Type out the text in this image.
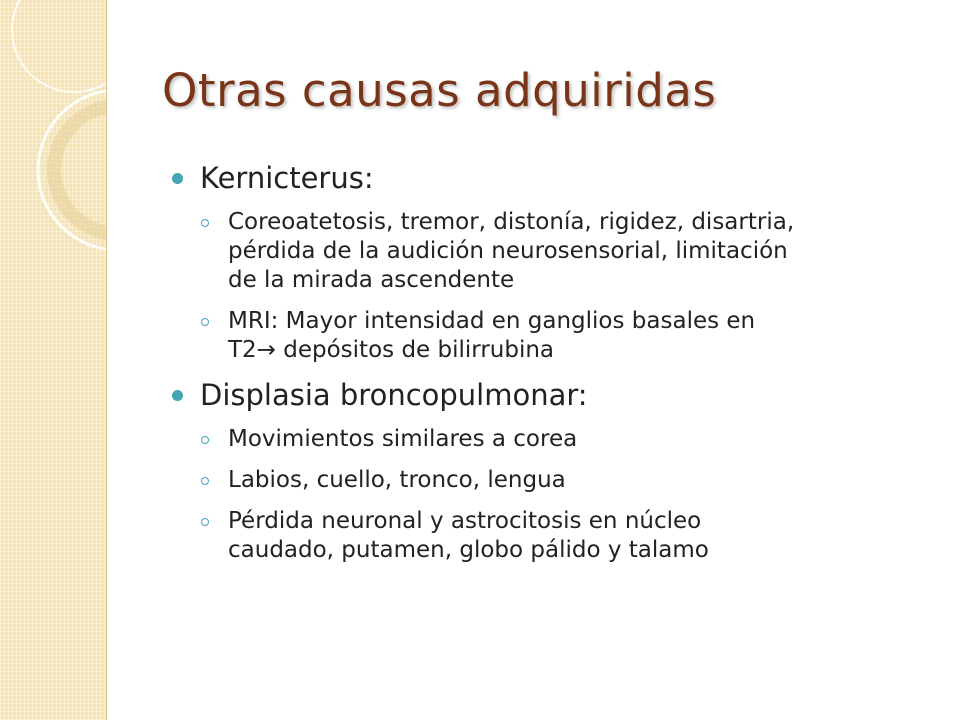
Otras causas adquiridas
Kernicterus:
Coreoatetosis, tremor, distonía, rigidez, disartria,
pérdida de la audición neurosensorial, limitación
de la mirada ascendente
MRI: Mayor intensidad en ganglios basales en
T2→ depósitos de bilirrubina
Displasia broncopulmonar:
Movimientos similares a corea
Labios, cuello, tronco, lengua
Pérdida neuronal y astrocitosis en núcleo
caudado, putamen, globo pálido y talamo
